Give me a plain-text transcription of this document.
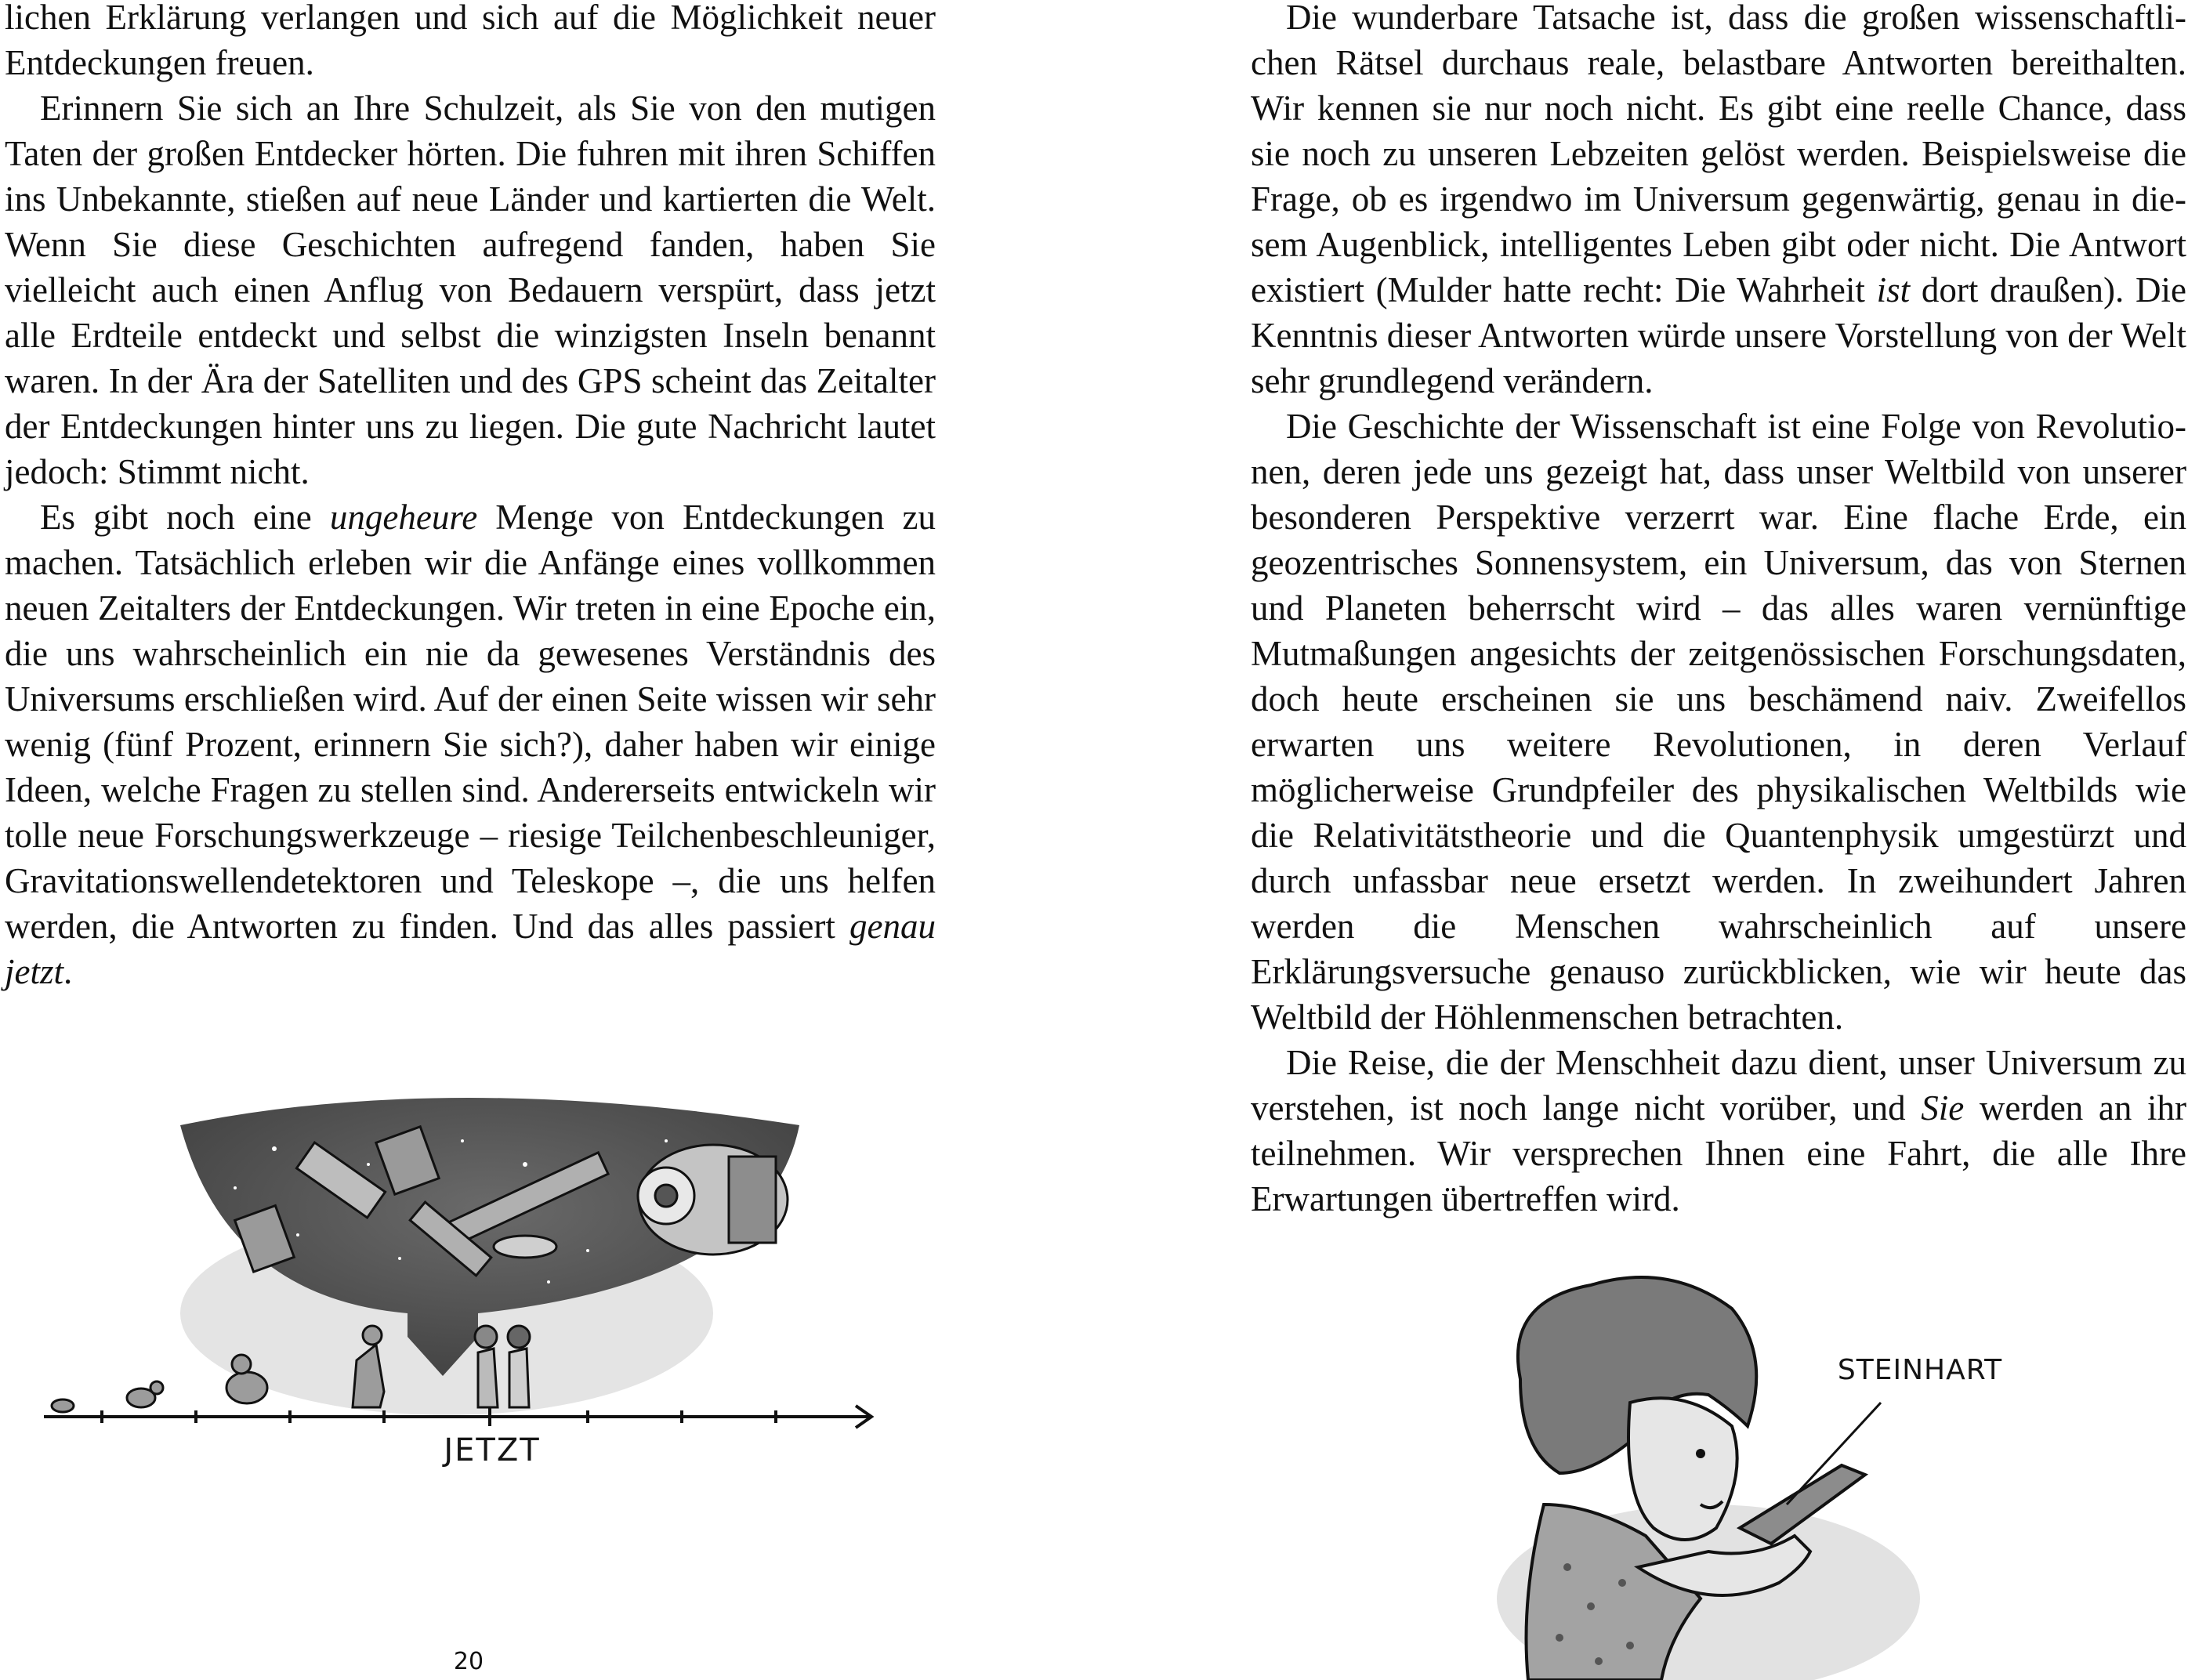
lichen Erklärung verlangen und sich auf die Möglichkeit neuer Entdeckungen freuen.

Erinnern Sie sich an Ihre Schulzeit, als Sie von den mutigen Taten der großen Entdecker hörten. Die fuhren mit ihren Schiffen ins Unbekannte, stießen auf neue Länder und kartierten die Welt. Wenn Sie diese Geschichten aufregend fanden, haben Sie vielleicht auch einen Anflug von Bedauern verspürt, dass jetzt alle Erdteile entdeckt und selbst die winzigsten Inseln benannt waren. In der Ära der Satelliten und des GPS scheint das Zeitalter der Entdeckungen hinter uns zu liegen. Die gute Nachricht lautet jedoch: Stimmt nicht.

Es gibt noch eine ungeheure Menge von Entdeckungen zu machen. Tatsächlich erleben wir die Anfänge eines vollkommen neuen Zeitalters der Entdeckungen. Wir treten in eine Epoche ein, die uns wahrscheinlich ein nie da gewesenes Verständnis des Universums erschließen wird. Auf der einen Seite wissen wir sehr wenig (fünf Prozent, erinnern Sie sich?), daher haben wir einige Ideen, welche Fragen zu stellen sind. Andererseits entwickeln wir tolle neue Forschungswerkzeuge – riesige Teilchenbeschleuniger, Gravitationswellendetektoren und Teleskope –, die uns helfen werden, die Antworten zu finden. Und das alles passiert genau jetzt.

JETZT
20

Die wunderbare Tatsache ist, dass die großen wissenschaftlichen Rätsel durchaus reale, belastbare Antworten bereithalten. Wir kennen sie nur noch nicht. Es gibt eine reelle Chance, dass sie noch zu unseren Lebzeiten gelöst werden. Beispielsweise die Frage, ob es irgendwo im Universum gegenwärtig, genau in diesem Augenblick, intelligentes Leben gibt oder nicht. Die Antwort existiert (Mulder hatte recht: Die Wahrheit ist dort draußen). Die Kenntnis dieser Antworten würde unsere Vorstellung von der Welt sehr grundlegend verändern.

Die Geschichte der Wissenschaft ist eine Folge von Revolutionen, deren jede uns gezeigt hat, dass unser Weltbild von unserer besonderen Perspektive verzerrt war. Eine flache Erde, ein geozentrisches Sonnensystem, ein Universum, das von Sternen und Planeten beherrscht wird – das alles waren vernünftige Mutmaßungen angesichts der zeitgenössischen Forschungsdaten, doch heute erscheinen sie uns beschämend naiv. Zweifellos erwarten uns weitere Revolutionen, in deren Verlauf möglicherweise Grundpfeiler des physikalischen Weltbilds wie die Relativitätstheorie und die Quantenphysik umgestürzt und durch unfassbar neue ersetzt werden. In zweihundert Jahren werden die Menschen wahrscheinlich auf unsere Erklärungsversuche genauso zurückblicken, wie wir heute das Weltbild der Höhlenmenschen betrachten.

Die Reise, die der Menschheit dazu dient, unser Universum zu verstehen, ist noch lange nicht vorüber, und Sie werden an ihr teilnehmen. Wir versprechen Ihnen eine Fahrt, die alle Ihre Erwartungen übertreffen wird.

STEINHART
